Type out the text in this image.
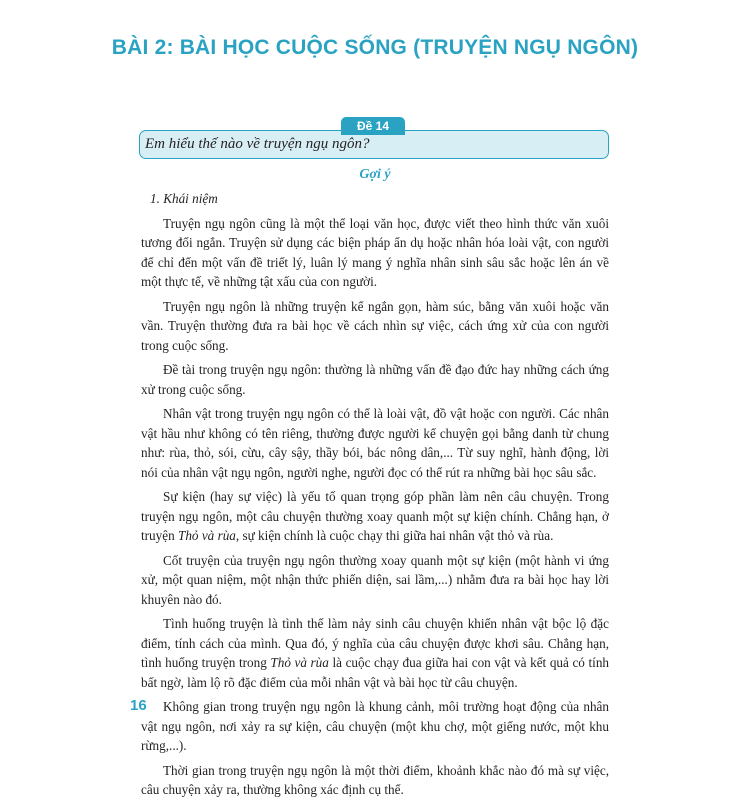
BÀI 2: BÀI HỌC CUỘC SỐNG (TRUYỆN NGỤ NGÔN)
Em hiểu thế nào về truyện ngụ ngôn?
Đề 14
Gợi ý
1. Khái niệm

Truyện ngụ ngôn cũng là một thể loại văn học, được viết theo hình thức văn xuôi tương đối ngắn. Truyện sử dụng các biện pháp ẩn dụ hoặc nhân hóa loài vật, con người để chỉ đến một vấn đề triết lý, luân lý mang ý nghĩa nhân sinh sâu sắc hoặc lên án về một thực tế, về những tật xấu của con người.

Truyện ngụ ngôn là những truyện kể ngắn gọn, hàm súc, bằng văn xuôi hoặc văn vần. Truyện thường đưa ra bài học về cách nhìn sự việc, cách ứng xử của con người trong cuộc sống.

Đề tài trong truyện ngụ ngôn: thường là những vấn đề đạo đức hay những cách ứng xử trong cuộc sống.

Nhân vật trong truyện ngụ ngôn có thể là loài vật, đồ vật hoặc con người. Các nhân vật hầu như không có tên riêng, thường được người kể chuyện gọi bằng danh từ chung như: rùa, thỏ, sói, cừu, cây sậy, thầy bói, bác nông dân,... Từ suy nghĩ, hành động, lời nói của nhân vật ngụ ngôn, người nghe, người đọc có thể rút ra những bài học sâu sắc.

Sự kiện (hay sự việc) là yếu tố quan trọng góp phần làm nên câu chuyện. Trong truyện ngụ ngôn, một câu chuyện thường xoay quanh một sự kiện chính. Chẳng hạn, ở truyện Thỏ và rùa, sự kiện chính là cuộc chạy thi giữa hai nhân vật thỏ và rùa.

Cốt truyện của truyện ngụ ngôn thường xoay quanh một sự kiện (một hành vi ứng xử, một quan niệm, một nhận thức phiến diện, sai lầm,...) nhằm đưa ra bài học hay lời khuyên nào đó.

Tình huống truyện là tình thế làm nảy sinh câu chuyện khiến nhân vật bộc lộ đặc điểm, tính cách của mình. Qua đó, ý nghĩa của câu chuyện được khơi sâu. Chẳng hạn, tình huống truyện trong Thỏ và rùa là cuộc chạy đua giữa hai con vật và kết quả có tính bất ngờ, làm lộ rõ đặc điểm của mỗi nhân vật và bài học từ câu chuyện.

Không gian trong truyện ngụ ngôn là khung cảnh, môi trường hoạt động của nhân vật ngụ ngôn, nơi xảy ra sự kiện, câu chuyện (một khu chợ, một giếng nước, một khu rừng,...).

Thời gian trong truyện ngụ ngôn là một thời điểm, khoảnh khắc nào đó mà sự việc, câu chuyện xảy ra, thường không xác định cụ thể.

16
